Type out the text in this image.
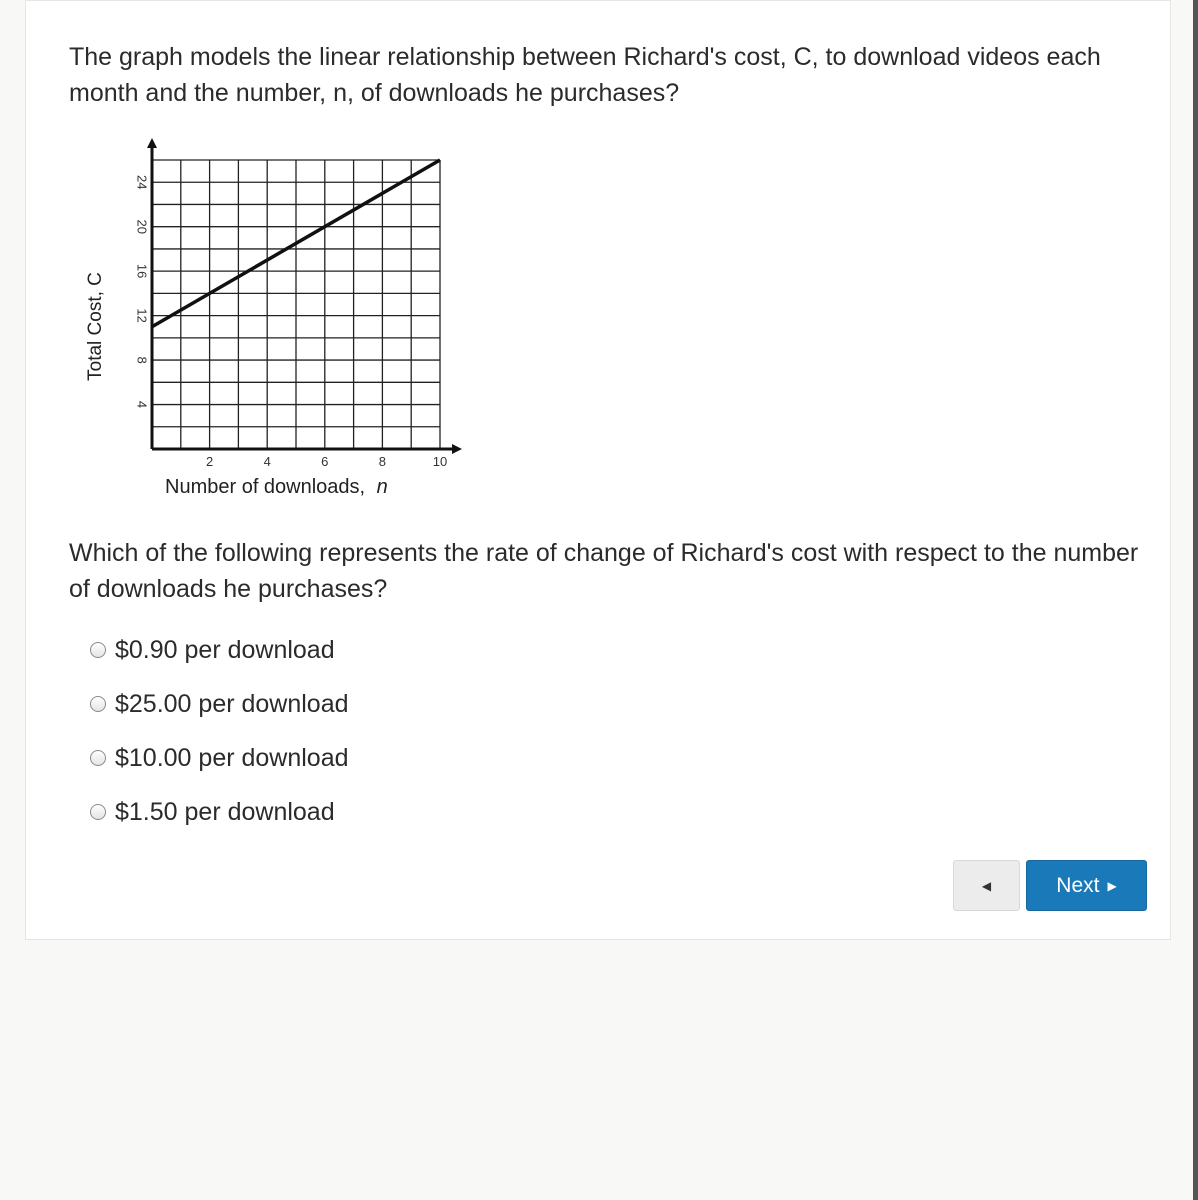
The graph models the linear relationship between Richard's cost, C, to download videos each month and the number, n, of downloads he purchases?

4
8
12
16
20
24
2	4	6	8	10
Total Cost, C
Number of downloads, n

Which of the following represents the rate of change of Richard's cost with respect to the number of downloads he purchases?

$0.90 per download
$25.00 per download
$10.00 per download
$1.50 per download
◀	Next ▶
